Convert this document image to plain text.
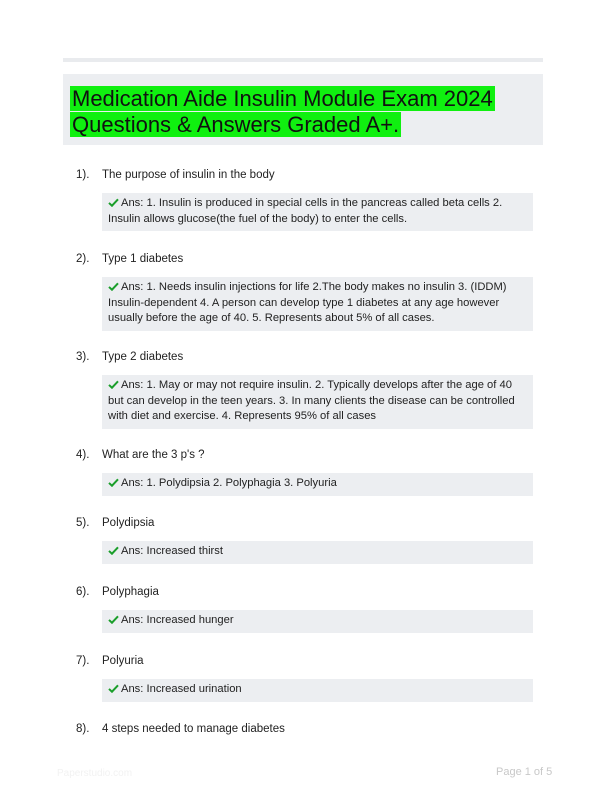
Medication Aide Insulin Module Exam 2024 Questions & Answers Graded A+.
1). The purpose of insulin in the body
Ans: 1. Insulin is produced in special cells in the pancreas called beta cells 2. Insulin allows glucose(the fuel of the body) to enter the cells.
2). Type 1 diabetes
Ans: 1. Needs insulin injections for life 2.The body makes no insulin 3. (IDDM) Insulin-dependent 4. A person can develop type 1 diabetes at any age however usually before the age of 40. 5. Represents about 5% of all cases.
3). Type 2 diabetes
Ans: 1. May or may not require insulin. 2. Typically develops after the age of 40 but can develop in the teen years. 3. In many clients the disease can be controlled with diet and exercise. 4. Represents 95% of all cases
4). What are the 3 p's ?
Ans: 1. Polydipsia 2. Polyphagia 3. Polyuria
5). Polydipsia
Ans: Increased thirst
6). Polyphagia
Ans: Increased hunger
7). Polyuria
Ans: Increased urination
8). 4 steps needed to manage diabetes
Paperstudio.com	Page 1 of 5
